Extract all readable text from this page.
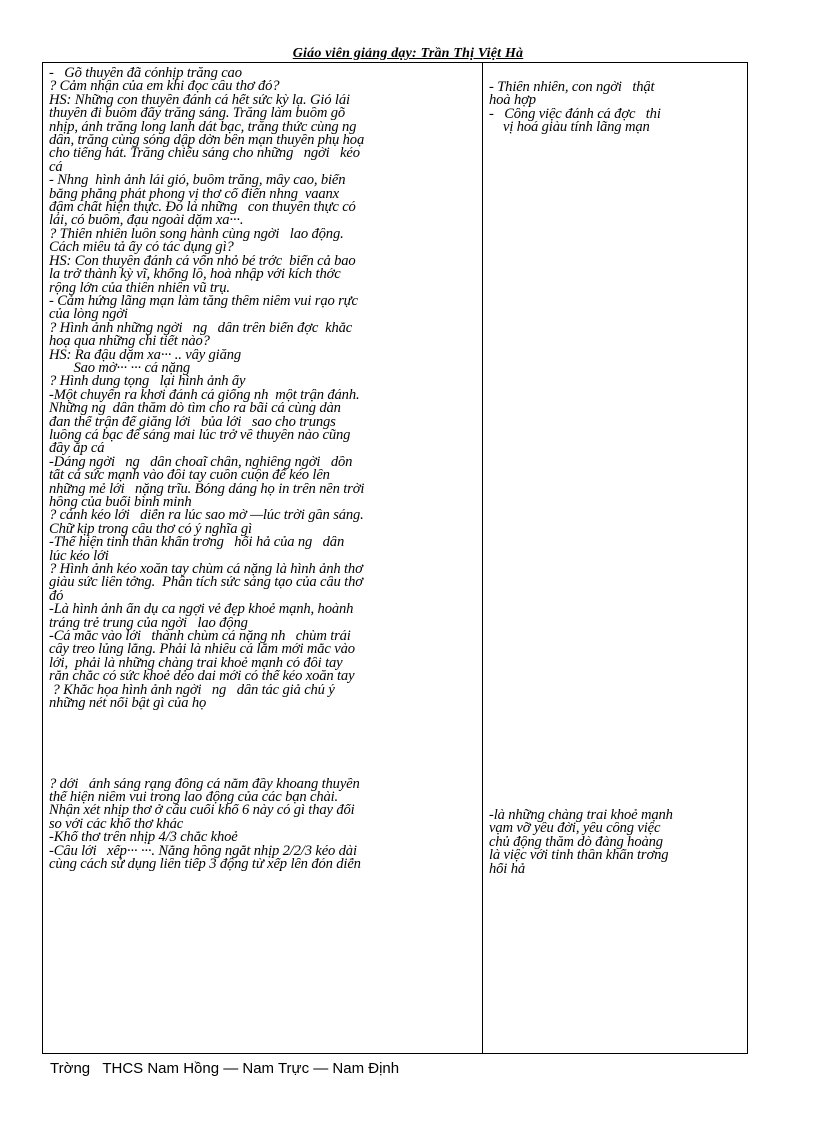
Giáo viên giảng dạy: Trần Thị Việt Hà
-   Gõ thuyền đã cónhịp trăng cao
? Cảm nhận của em khi đọc câu thơ đó?
HS: Những con thuyền đánh cá hết sức kỳ lạ. Gió lái
thuyền đi buồm đẩy trăng sáng. Trăng làm buồm gõ
nhịp, ánh trăng long lanh dát bạc, trăng thức cùng ng
dân, trăng cùng sóng dập dờn bên mạn thuyền phụ hoạ
cho tiếng hát. Trăng chiếu sáng cho những   ngời   kéo
cá
- Nhng  hình ảnh lái gió, buồm trăng, mây cao, biển
bằng phẳng phát phong vị thơ cổ điển nhng  vaanx
đậm chất hiện thực. Đó là những   con thuyền thực có
lái, có buồm, đạu ngoài dặm xa···.
? Thiên nhiên luôn song hành cùng ngời   lao động.
Cách miêu tả ấy có tác dụng gì?
HS: Con thuyền đánh cá vốn nhỏ bé trớc  biển cả bao
la trở thành kỳ vĩ, khổng lồ, hoà nhập với kích thớc
rộng lớn của thiên nhiên vũ trụ.
- Cảm hứng lãng mạn làm tăng thêm niềm vui rạo rực
của lòng ngời
? Hình ảnh những ngời   ng   dân trên biển đợc  khắc
hoạ qua những chi tiết nào?
HS: Ra đậu dặm xa··· .. vây giăng
Sao mờ··· ··· cá nặng
? Hình dung tọng   lại hình ảnh ấy
-Một chuyến ra khơi đánh cá giống nh  một trận đánh.
Những ng  dân thăm dò tìm cho ra bãi cá cùng dàn
đan thế trận để giăng lới   bủa lới   sao cho trungs
luồng cá bạc để sáng mai lúc trở về thuyền nào cũng
đầy ắp cá
-Dáng ngời   ng   dân choaĩ chân, nghiêng ngời   dồn
tất cả sức mạnh vào đôi tay cuồn cuộn để kéo lên
những mẻ lới   nặng trĩu. Bóng dáng họ in trên nền trời
hồng của buổi bình minh
? cảnh kéo lới   diễn ra lúc sao mờ —lúc trời gần sáng.
Chữ kịp trong câu thơ có ý nghĩa gì
-Thể hiện tinh thần khẩn trơng   hối hả của ng   dân
lúc kéo lới
? Hình ảnh kéo xoăn tay chùm cá nặng là hình ảnh thơ
giàu sức liên tởng.  Phân tích sức sáng tạo của câu thơ
đó
-Là hình ảnh ẩn dụ ca ngợi vẻ đẹp khoẻ mạnh, hoành
tráng trẻ trung của ngời   lao động
-Cá mắc vào lới   thành chùm cá nặng nh   chùm trái
cây treo lủng lẳng. Phải là nhiều cá lắm mới mắc vào
lới,  phải là những chàng trai khoẻ mạnh có đôi tay
rắn chắc có sức khoẻ dẻo dai mới có thể kéo xoăn tay
? Khắc họa hình ảnh ngời   ng   dân tác giả chú ý
những nét nổi bật gì của họ

? dới   ánh sáng rạng đông cá nằm đầy khoang thuyền
thể hiện niềm vui trong lao động của các bạn chài.
Nhận xét nhịp thơ ở câu cuối khổ 6 này có gì thay đổi
so với các khổ thơ khác
-Khổ thơ trên nhịp 4/3 chắc khoẻ
-Câu lới   xếp··· ···. Nắng hồng ngắt nhịp 2/2/3 kéo dài
cùng cách sử dụng liên tiếp 3 động từ xếp lên đón diễn
- Thiên nhiên, con ngời   thật
hoà hợp
-   Công việc đánh cá đợc   thi
vị hoá giàu tính lãng mạn
-là những chàng trai khoẻ mạnh
vạm vỡ yêu đời, yêu công việc
chủ động thăm dò đàng hoàng
là việc với tinh thần khẩn trơng
hối hả
Trờng   THCS Nam Hồng — Nam Trực — Nam Định
